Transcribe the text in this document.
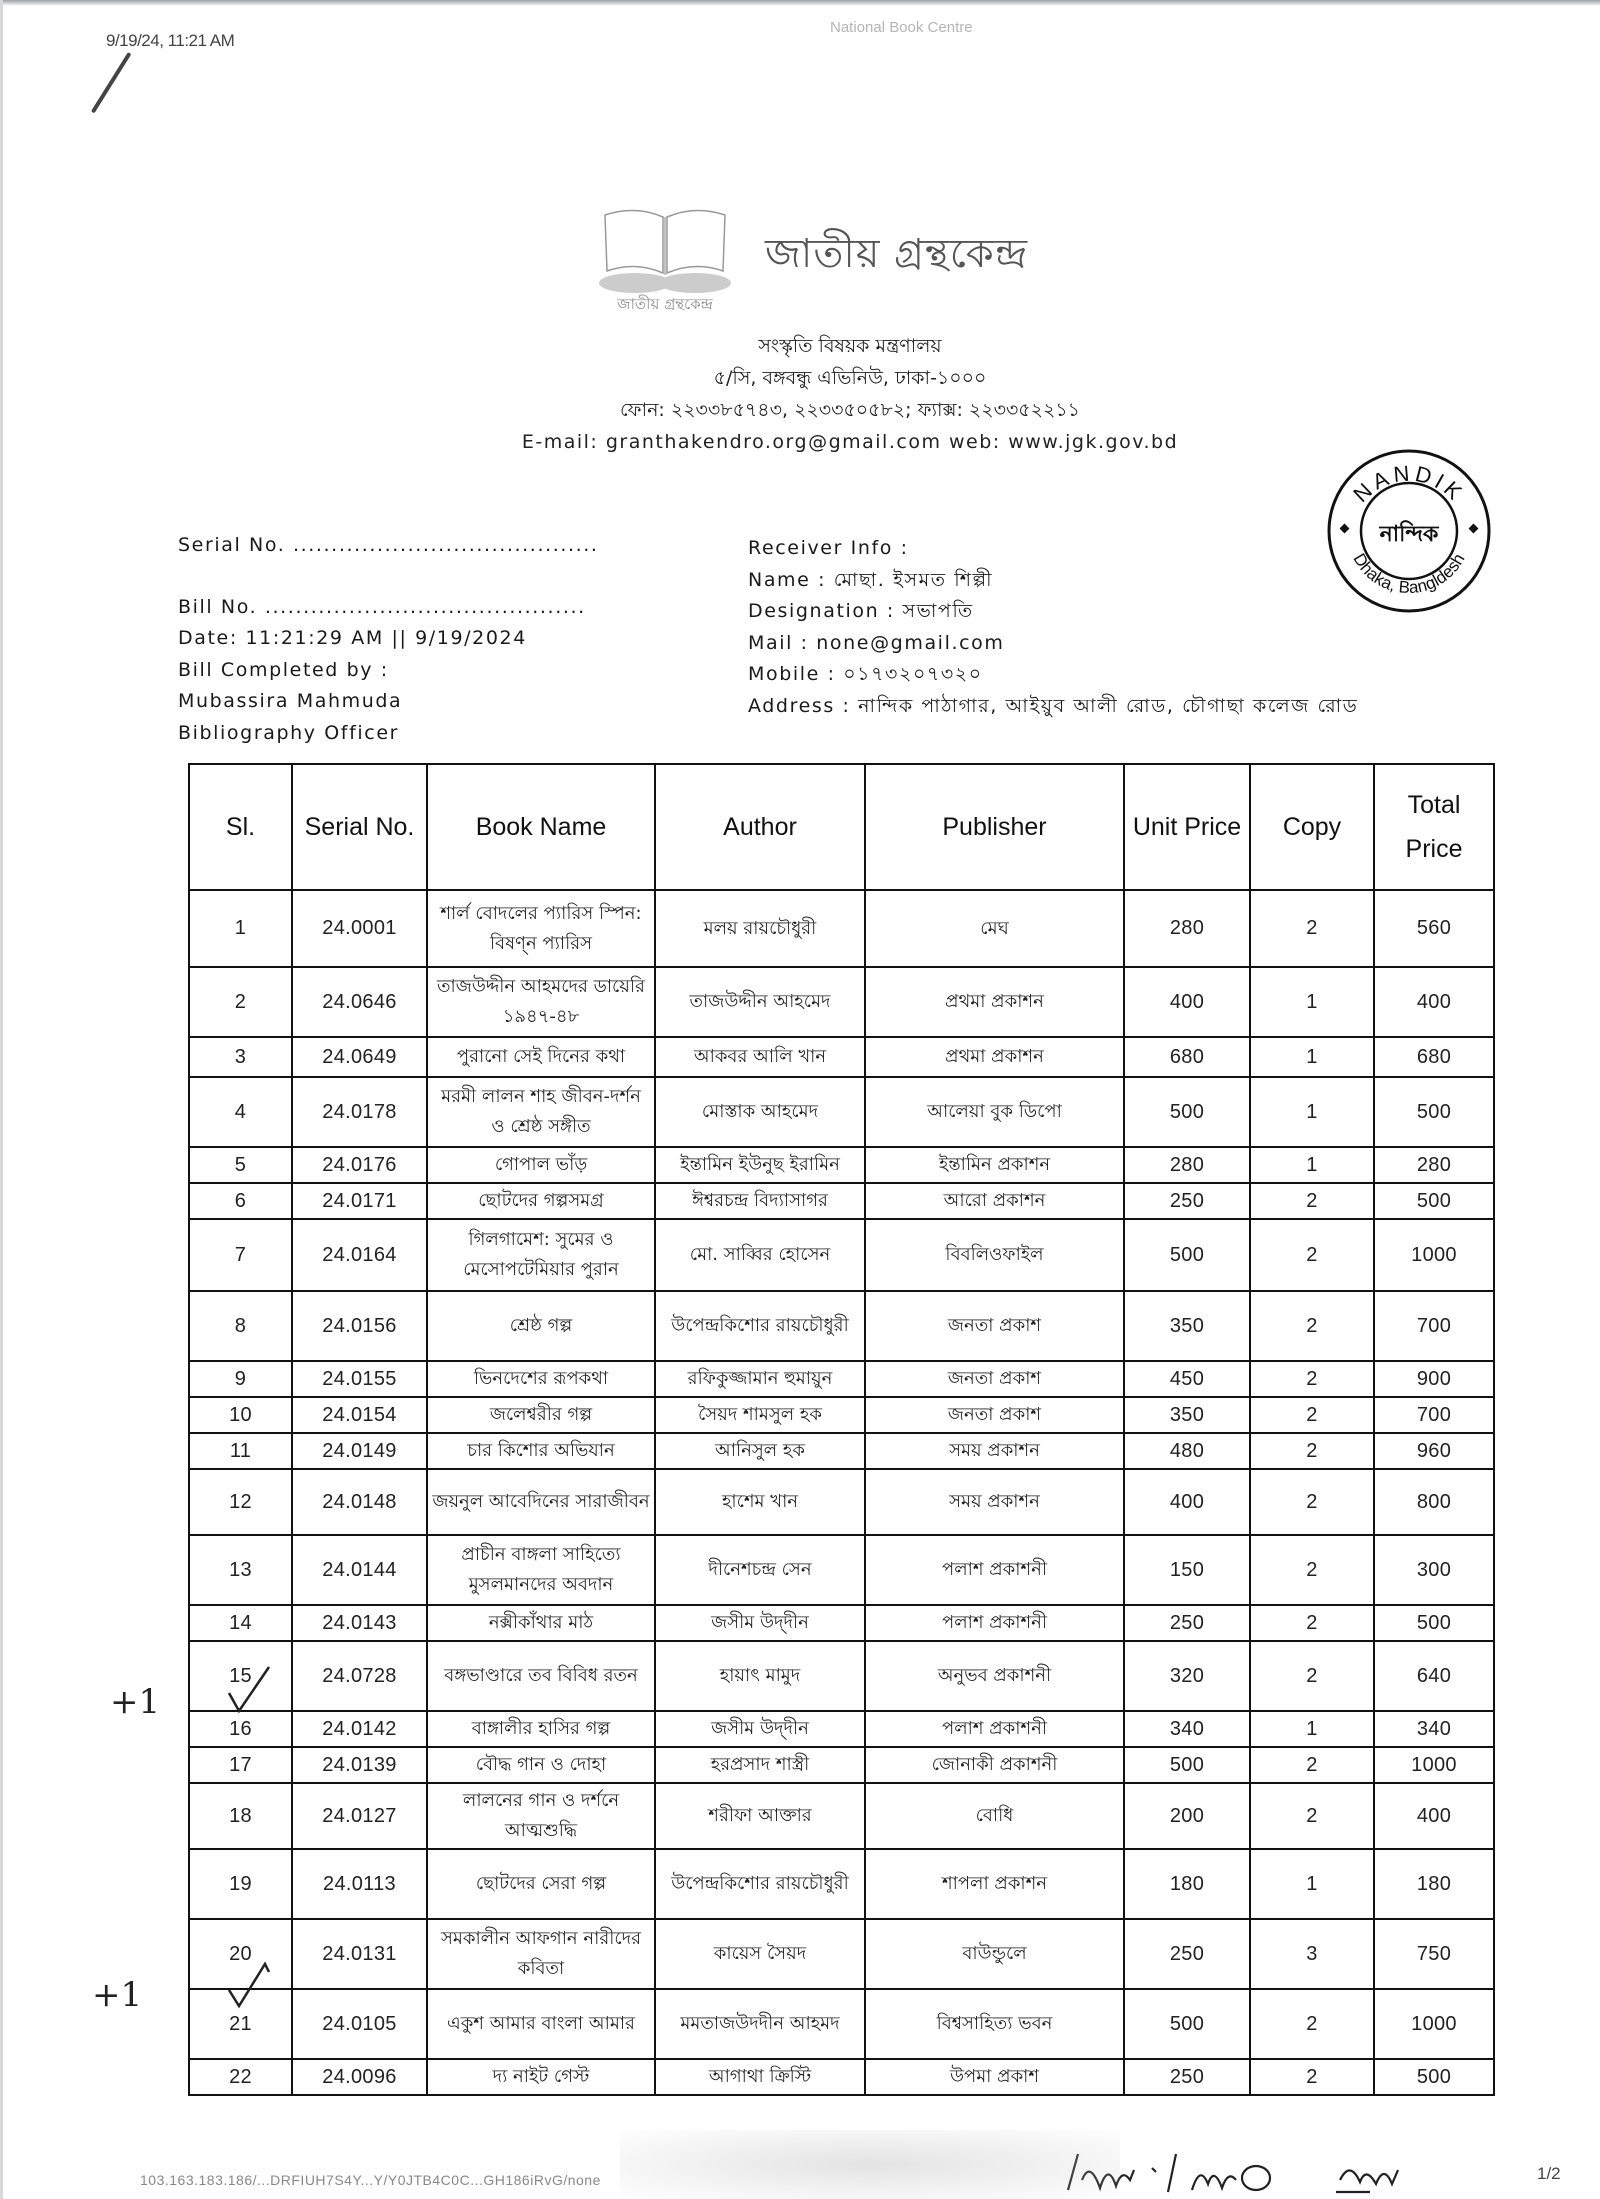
9/19/24, 11:21 AM
National Book Centre
জাতীয় গ্রন্থকেন্দ্র
জাতীয় গ্রন্থকেন্দ্র
সংস্কৃতি বিষয়ক মন্ত্রণালয়
৫/সি, বঙ্গবন্ধু এভিনিউ, ঢাকা-১০০০
ফোন: ২২৩৩৮৫৭৪৩, ২২৩৩৫০৫৮২; ফ্যাক্স: ২২৩৩৫২২১১
E-mail: granthakendro.org@gmail.com web: www.jgk.gov.bd
NANDIK
Dhaka, Bangldesh
নান্দিক
Serial No. ........................................
Bill No. ..........................................
Date: 11:21:29 AM || 9/19/2024
Bill Completed by :
Mubassira Mahmuda
Bibliography Officer
Receiver Info :
Name : মোছা. ইসমত শিল্পী
Designation : সভাপতি
Mail : none@gmail.com
Mobile : ০১৭৩২০৭৩২০
Address : নান্দিক পাঠাগার, আইয়ুব আলী রোড, চৌগাছা কলেজ রোড
Sl.	Serial No.	Book Name	Author	Publisher	Unit Price	Copy	Total Price
1	24.0001	শার্ল বোদলের প্যারিস স্পিন: বিষণ্ন প্যারিস	মলয় রায়চৌধুরী	মেঘ	280	2	560
2	24.0646	তাজউদ্দীন আহমদের ডায়েরি ১৯৪৭-৪৮	তাজউদ্দীন আহমেদ	প্রথমা প্রকাশন	400	1	400
3	24.0649	পুরানো সেই দিনের কথা	আকবর আলি খান	প্রথমা প্রকাশন	680	1	680
4	24.0178	মরমী লালন শাহ জীবন-দর্শন ও শ্রেষ্ঠ সঙ্গীত	মোস্তাক আহমেদ	আলেয়া বুক ডিপো	500	1	500
5	24.0176	গোপাল ভাঁড়	ইন্তামিন ইউনুছ ইরামিন	ইন্তামিন প্রকাশন	280	1	280
6	24.0171	ছোটদের গল্পসমগ্র	ঈশ্বরচন্দ্র বিদ্যাসাগর	আরো প্রকাশন	250	2	500
7	24.0164	গিলগামেশ: সুমের ও মেসোপটেমিয়ার পুরান	মো. সাব্বির হোসেন	বিবলিওফাইল	500	2	1000
8	24.0156	শ্রেষ্ঠ গল্প	উপেন্দ্রকিশোর রায়চৌধুরী	জনতা প্রকাশ	350	2	700
9	24.0155	ভিনদেশের রূপকথা	রফিকুজ্জামান হুমায়ুন	জনতা প্রকাশ	450	2	900
10	24.0154	জলেশ্বরীর গল্প	সৈয়দ শামসুল হক	জনতা প্রকাশ	350	2	700
11	24.0149	চার কিশোর অভিযান	আনিসুল হক	সময় প্রকাশন	480	2	960
12	24.0148	জয়নুল আবেদিনের সারাজীবন	হাশেম খান	সময় প্রকাশন	400	2	800
13	24.0144	প্রাচীন বাঙ্গলা সাহিত্যে মুসলমানদের অবদান	দীনেশচন্দ্র সেন	পলাশ প্রকাশনী	150	2	300
14	24.0143	নক্সীকাঁথার মাঠ	জসীম উদ্‌দীন	পলাশ প্রকাশনী	250	2	500
15	24.0728	বঙ্গভাণ্ডারে তব বিবিধ রতন	হায়াৎ মামুদ	অনুভব প্রকাশনী	320	2	640
16	24.0142	বাঙ্গালীর হাসির গল্প	জসীম উদ্‌দীন	পলাশ প্রকাশনী	340	1	340
17	24.0139	বৌদ্ধ গান ও দোহা	হরপ্রসাদ শাস্ত্রী	জোনাকী প্রকাশনী	500	2	1000
18	24.0127	লালনের গান ও দর্শনে আত্মশুদ্ধি	শরীফা আক্তার	বোধি	200	2	400
19	24.0113	ছোটদের সেরা গল্প	উপেন্দ্রকিশোর রায়চৌধুরী	শাপলা প্রকাশন	180	1	180
20	24.0131	সমকালীন আফগান নারীদের কবিতা	কায়েস সৈয়দ	বাউন্ডুলে	250	3	750
21	24.0105	একুশ আমার বাংলা আমার	মমতাজউদদীন আহমদ	বিশ্বসাহিত্য ভবন	500	2	1000
22	24.0096	দ্য নাইট গেস্ট	আগাথা ক্রিস্টি	উপমা প্রকাশ	250	2	500
+1
+1
103.163.183.186/...DRFIUH7S4Y...Y/Y0JTB4C0C...GH186iRvG/none	1/2
